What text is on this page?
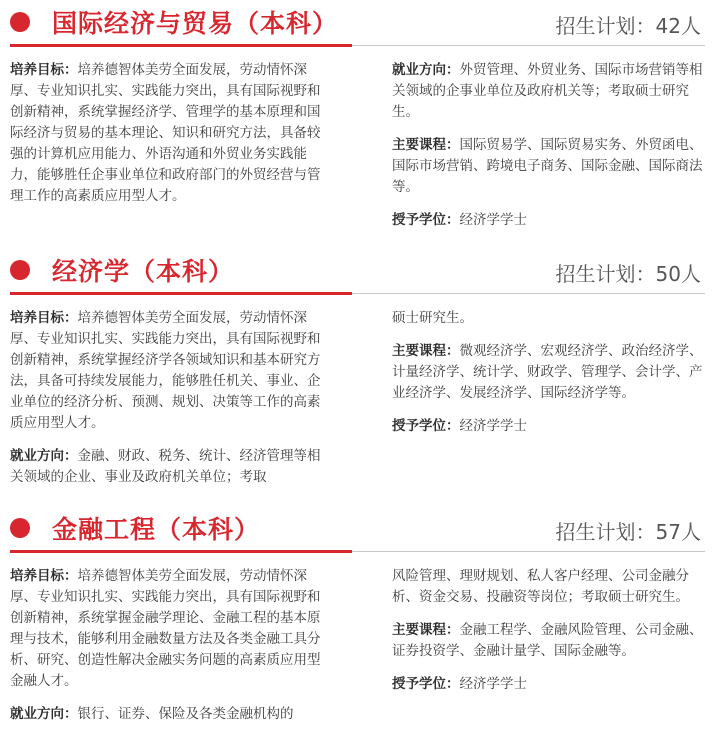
国际经济与贸易（本科）	招生计划：42人

培养目标：培养德智体美劳全面发展，劳动情怀深厚、专业知识扎实、实践能力突出，具有国际视野和创新精神，系统掌握经济学、管理学的基本原理和国际经济与贸易的基本理论、知识和研究方法，具备较强的计算机应用能力、外语沟通和外贸业务实践能力，能够胜任企事业单位和政府部门的外贸经营与管理工作的高素质应用型人才。

就业方向：外贸管理、外贸业务、国际市场营销等相关领域的企事业单位及政府机关等；考取硕士研究生。

主要课程：国际贸易学、国际贸易实务、外贸函电、国际市场营销、跨境电子商务、国际金融、国际商法等。

授予学位：经济学学士

经济学（本科）	招生计划：50人

培养目标：培养德智体美劳全面发展，劳动情怀深厚、专业知识扎实、实践能力突出，具有国际视野和创新精神，系统掌握经济学各领域知识和基本研究方法，具备可持续发展能力，能够胜任机关、事业、企业单位的经济分析、预测、规划、决策等工作的高素质应用型人才。

就业方向：金融、财政、税务、统计、经济管理等相关领域的企业、事业及政府机关单位；考取

硕士研究生。

主要课程：微观经济学、宏观经济学、政治经济学、计量经济学、统计学、财政学、管理学、会计学、产业经济学、发展经济学、国际经济学等。

授予学位：经济学学士

金融工程（本科）	招生计划：57人

培养目标：培养德智体美劳全面发展，劳动情怀深厚、专业知识扎实、实践能力突出，具有国际视野和创新精神，系统掌握金融学理论、金融工程的基本原理与技术，能够利用金融数量方法及各类金融工具分析、研究、创造性解决金融实务问题的高素质应用型金融人才。

就业方向：银行、证券、保险及各类金融机构的

风险管理、理财规划、私人客户经理、公司金融分析、资金交易、投融资等岗位；考取硕士研究生。

主要课程：金融工程学、金融风险管理、公司金融、证券投资学、金融计量学、国际金融等。

授予学位：经济学学士
